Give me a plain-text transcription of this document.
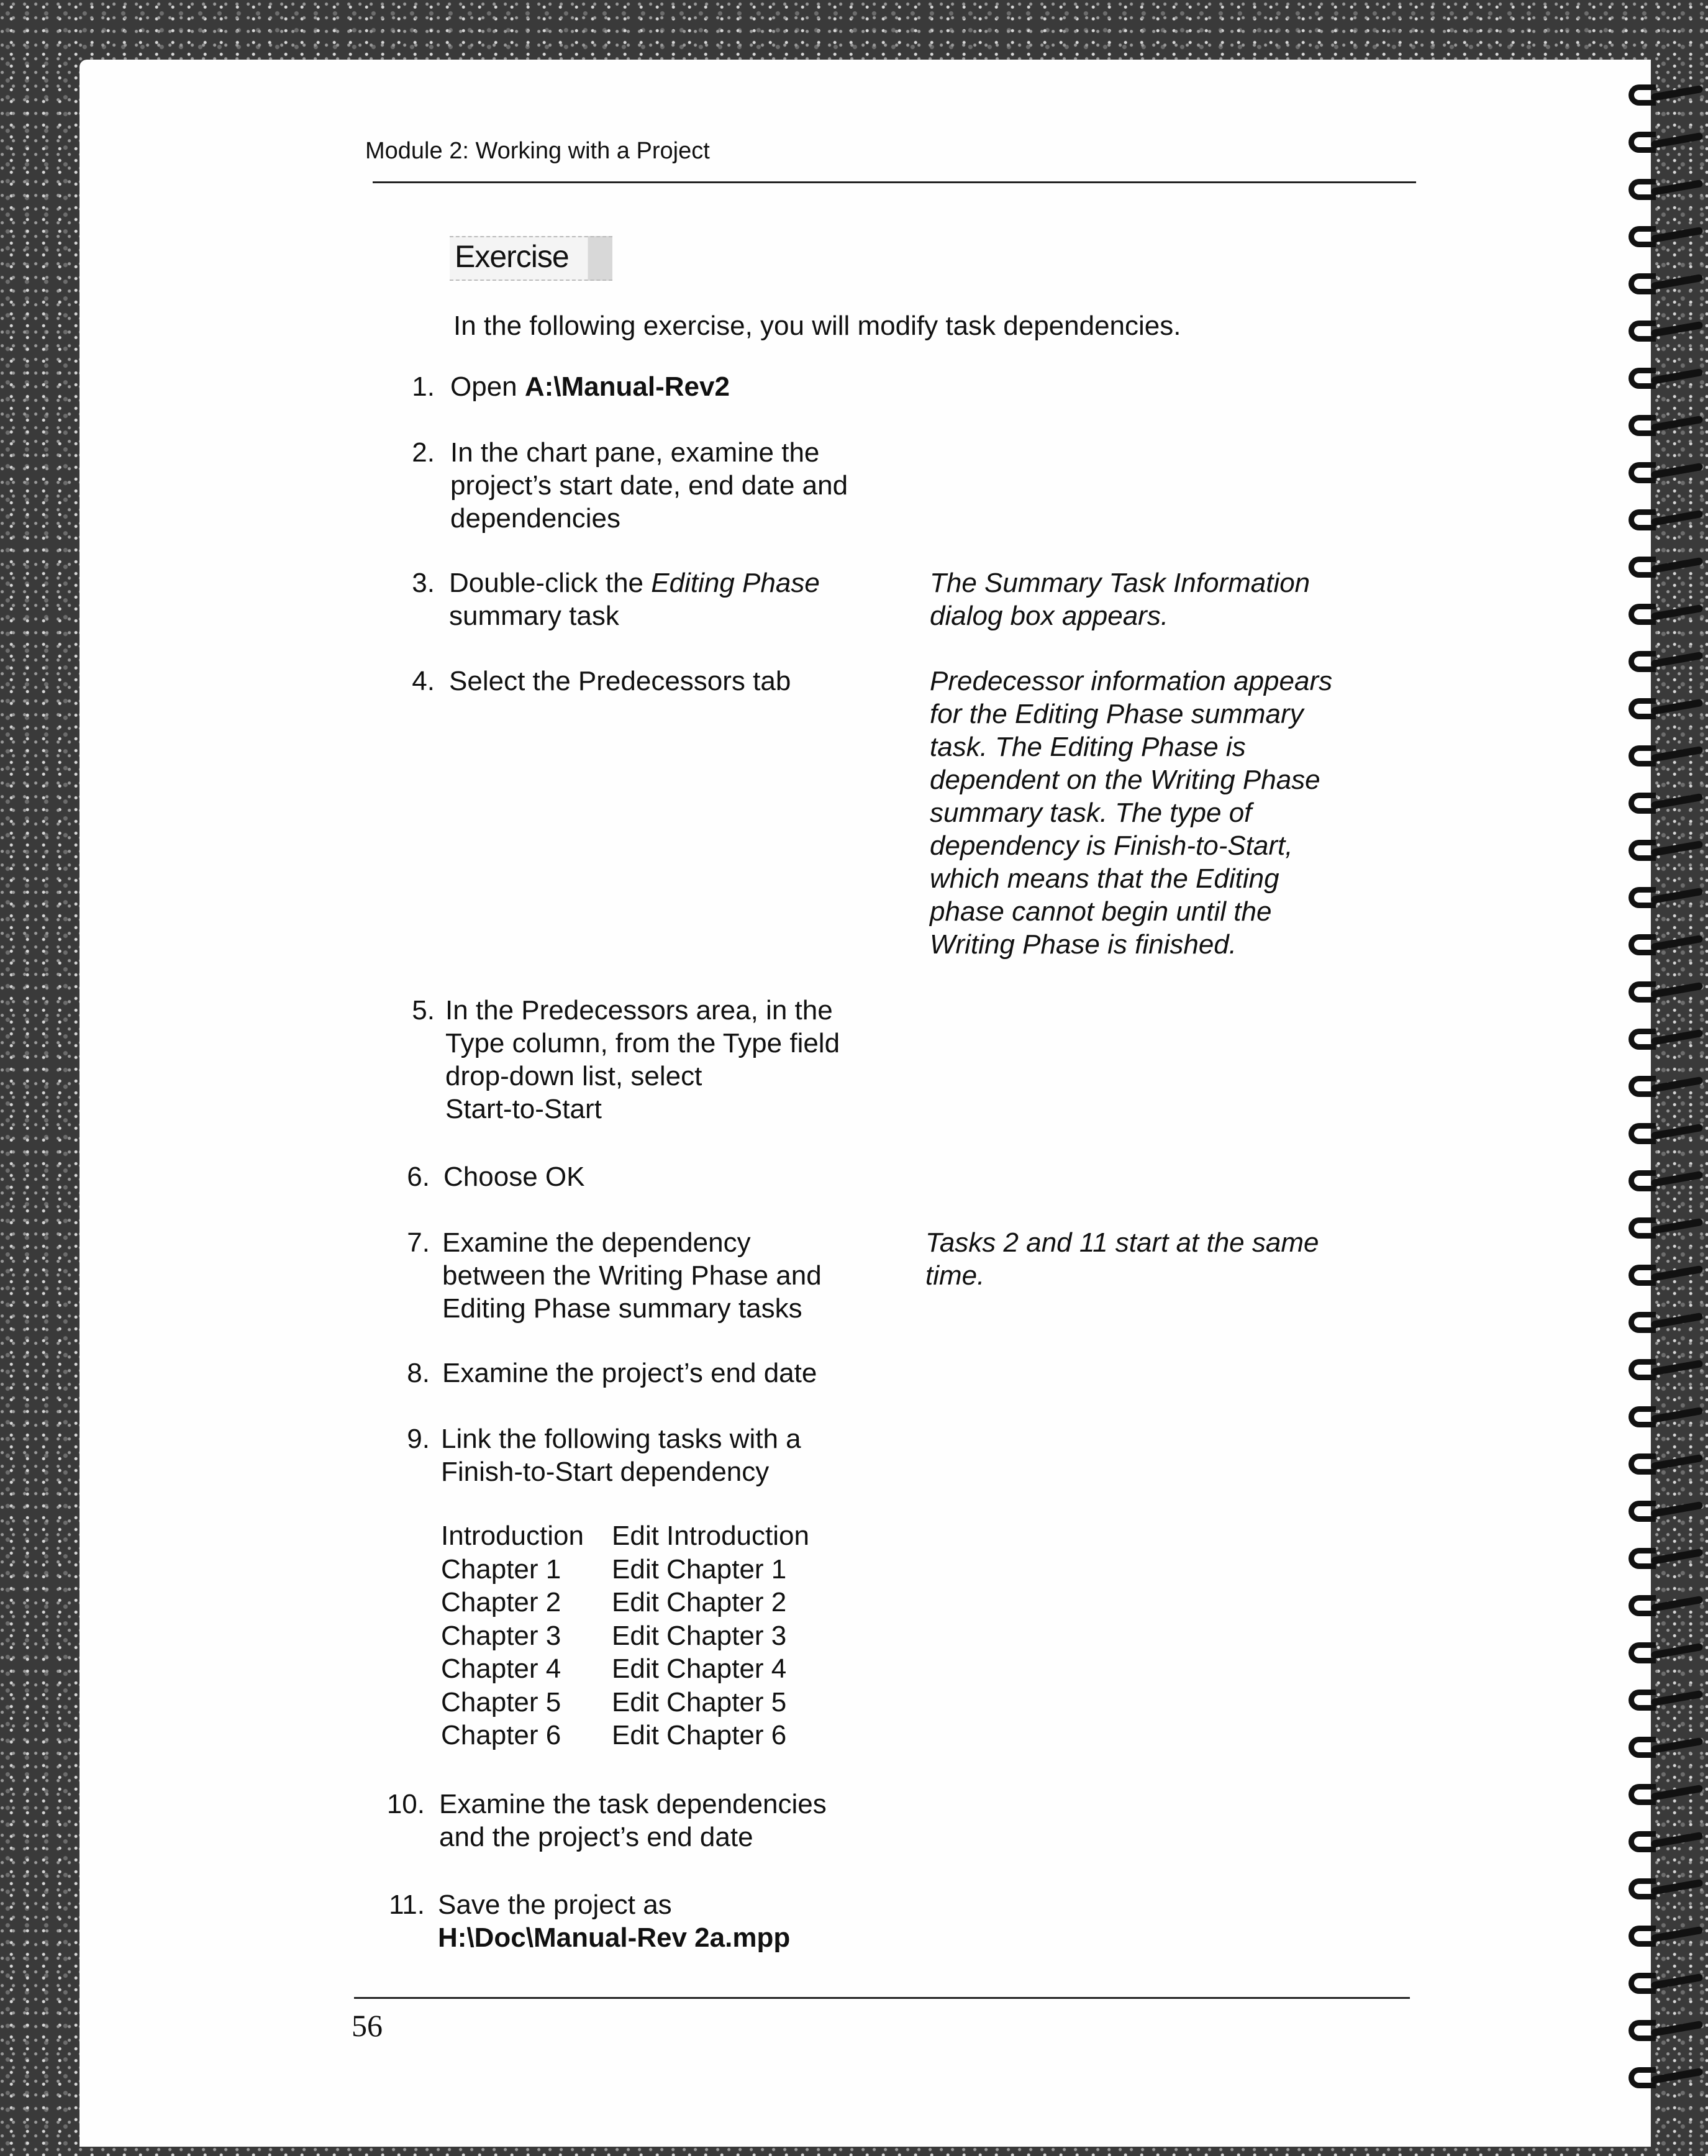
Module 2: Working with a Project
Exercise
In the following exercise, you will modify task dependencies.
1. Open A:\Manual-Rev2
2. In the chart pane, examine the
project’s start date, end date and
dependencies
3. Double-click the Editing Phase
summary task
The Summary Task Information
dialog box appears.
4. Select the Predecessors tab	Predecessor information appears
for the Editing Phase summary
task. The Editing Phase is
dependent on the Writing Phase
summary task. The type of
dependency is Finish-to-Start,
which means that the Editing
phase cannot begin until the
Writing Phase is finished.
5. In the Predecessors area, in the
Type column, from the Type field
drop-down list, select
Start-to-Start
6. Choose OK
7. Examine the dependency
between the Writing Phase and
Editing Phase summary tasks
Tasks 2 and 11 start at the same
time.
8. Examine the project’s end date
9. Link the following tasks with a
Finish-to-Start dependency
Introduction Edit Introduction
Chapter 1 Edit Chapter 1
Chapter 2 Edit Chapter 2
Chapter 3 Edit Chapter 3
Chapter 4 Edit Chapter 4
Chapter 5 Edit Chapter 5
Chapter 6 Edit Chapter 6
10. Examine the task dependencies
and the project’s end date
11. Save the project as
H:\Doc\Manual-Rev 2a.mpp
56
